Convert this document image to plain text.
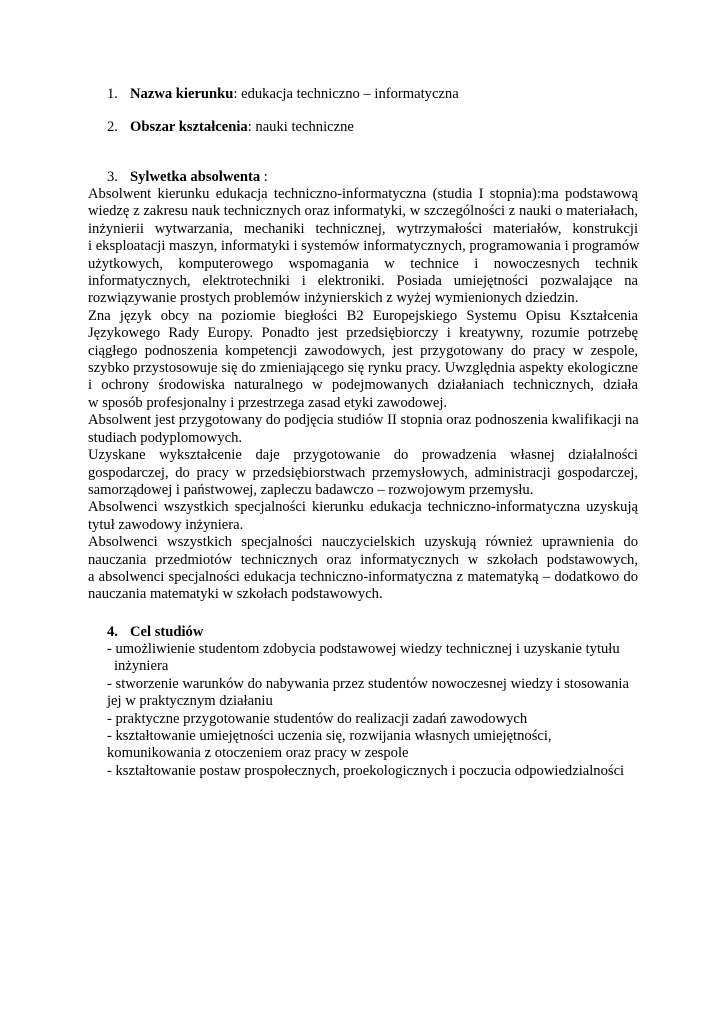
1. Nazwa kierunku: edukacja techniczno – informatyczna
2. Obszar kształcenia: nauki techniczne
3. Sylwetka absolwenta :
Absolwent kierunku edukacja techniczno-informatyczna (studia I stopnia):ma podstawową
wiedzę z zakresu nauk technicznych oraz informatyki, w szczególności z nauki o materiałach,
inżynierii wytwarzania, mechaniki technicznej, wytrzymałości materiałów, konstrukcji
i eksploatacji maszyn, informatyki i systemów informatycznych, programowania i programów
użytkowych, komputerowego wspomagania w technice i nowoczesnych technik
informatycznych, elektrotechniki i elektroniki. Posiada umiejętności pozwalające na
rozwiązywanie prostych problemów inżynierskich z wyżej wymienionych dziedzin.
Zna język obcy na poziomie biegłości B2 Europejskiego Systemu Opisu Kształcenia
Językowego Rady Europy. Ponadto jest przedsiębiorczy i kreatywny, rozumie potrzebę
ciągłego podnoszenia kompetencji zawodowych, jest przygotowany do pracy w zespole,
szybko przystosowuje się do zmieniającego się rynku pracy. Uwzględnia aspekty ekologiczne
i ochrony środowiska naturalnego w podejmowanych działaniach technicznych, działa
w sposób profesjonalny i przestrzega zasad etyki zawodowej.
Absolwent jest przygotowany do podjęcia studiów II stopnia oraz podnoszenia kwalifikacji na
studiach podyplomowych.
Uzyskane wykształcenie daje przygotowanie do prowadzenia własnej działalności
gospodarczej, do pracy w przedsiębiorstwach przemysłowych, administracji gospodarczej,
samorządowej i państwowej, zapleczu badawczo – rozwojowym przemysłu.
Absolwenci wszystkich specjalności kierunku edukacja techniczno-informatyczna uzyskują
tytuł zawodowy inżyniera.
Absolwenci wszystkich specjalności nauczycielskich uzyskują również uprawnienia do
nauczania przedmiotów technicznych oraz informatycznych w szkołach podstawowych,
a absolwenci specjalności edukacja techniczno-informatyczna z matematyką – dodatkowo do
nauczania matematyki w szkołach podstawowych.
4. Cel studiów
- umożliwienie studentom zdobycia podstawowej wiedzy technicznej i uzyskanie tytułu
inżyniera
- stworzenie warunków do nabywania przez studentów nowoczesnej wiedzy i stosowania
jej w praktycznym działaniu
- praktyczne przygotowanie studentów do realizacji zadań zawodowych
- kształtowanie umiejętności uczenia się, rozwijania własnych umiejętności,
komunikowania z otoczeniem oraz pracy w zespole
- kształtowanie postaw prospołecznych, proekologicznych i poczucia odpowiedzialności
